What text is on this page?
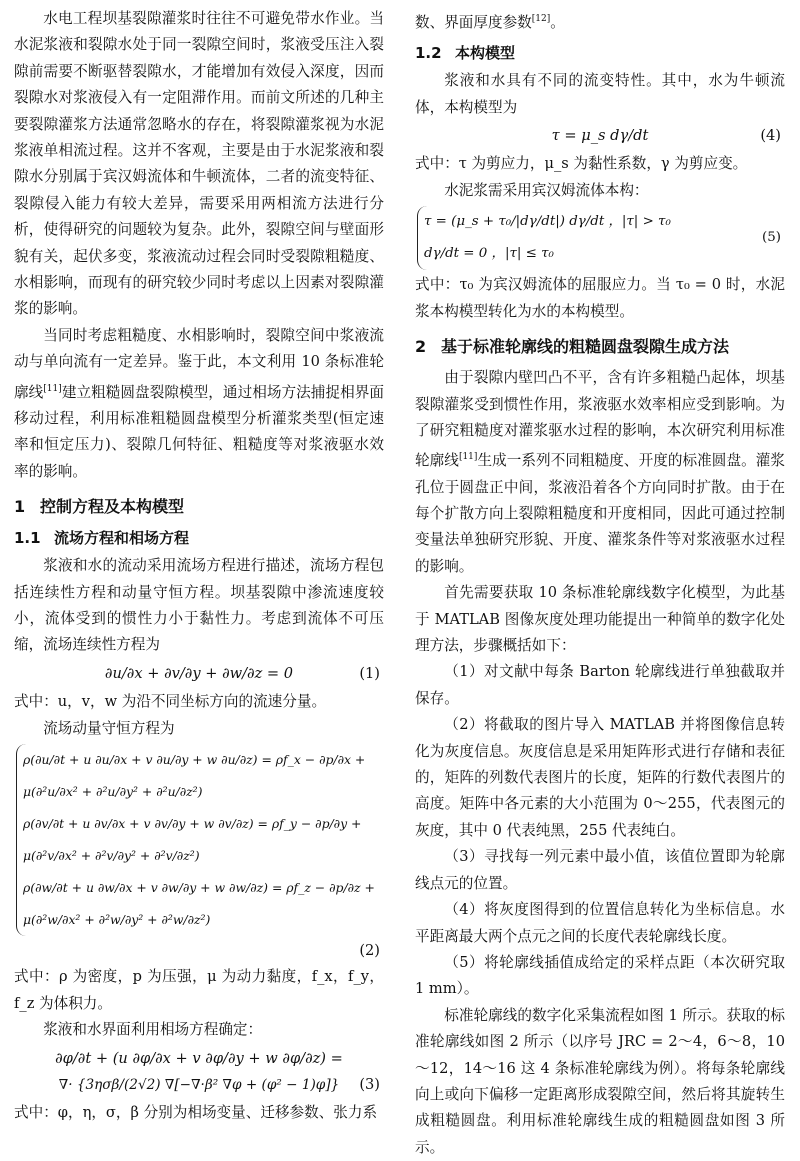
水电工程坝基裂隙灌浆时往往不可避免带水作业。当水泥浆液和裂隙水处于同一裂隙空间时，浆液受压注入裂隙前需要不断驱替裂隙水，才能增加有效侵入深度，因而裂隙水对浆液侵入有一定阻滞作用。而前文所述的几种主要裂隙灌浆方法通常忽略水的存在，将裂隙灌浆视为水泥浆液单相流过程。这并不客观，主要是由于水泥浆液和裂隙水分别属于宾汉姆流体和牛顿流体，二者的流变特征、裂隙侵入能力有较大差异，需要采用两相流方法进行分析，使得研究的问题较为复杂。此外，裂隙空间与壁面形貌有关，起伏多变，浆液流动过程会同时受裂隙粗糙度、水相影响，而现有的研究较少同时考虑以上因素对裂隙灌浆的影响。

当同时考虑粗糙度、水相影响时，裂隙空间中浆液流动与单向流有一定差异。鉴于此，本文利用 10 条标准轮廓线[11]建立粗糙圆盘裂隙模型，通过相场方法捕捉相界面移动过程，利用标准粗糙圆盘模型分析灌浆类型(恒定速率和恒定压力)、裂隙几何特征、粗糙度等对浆液驱水效率的影响。

1 控制方程及本构模型
1.1 流场方程和相场方程

浆液和水的流动采用流场方程进行描述，流场方程包括连续性方程和动量守恒方程。坝基裂隙中渗流速度较小，流体受到的惯性力小于黏性力。考虑到流体不可压缩，流场连续性方程为

∂u/∂x + ∂v/∂y + ∂w/∂z = 0	(1)

式中：u，v，w 为沿不同坐标方向的流速分量。

流场动量守恒方程为

ρ(∂u/∂t + u ∂u/∂x + v ∂u/∂y + w ∂u/∂z) = ρf_x − ∂p/∂x + μ(∂²u/∂x² + ∂²u/∂y² + ∂²u/∂z²)
ρ(∂v/∂t + u ∂v/∂x + v ∂v/∂y + w ∂v/∂z) = ρf_y − ∂p/∂y + μ(∂²v/∂x² + ∂²v/∂y² + ∂²v/∂z²)
ρ(∂w/∂t + u ∂w/∂x + v ∂w/∂y + w ∂w/∂z) = ρf_z − ∂p/∂z + μ(∂²w/∂x² + ∂²w/∂y² + ∂²w/∂z²)
(2)

式中：ρ 为密度，p 为压强，μ 为动力黏度，f_x，f_y，f_z 为体积力。

浆液和水界面利用相场方程确定：

∂φ/∂t + (u ∂φ/∂x + v ∂φ/∂y + w ∂φ/∂z) =
∇· {3ησβ/(2√2) ∇[−∇·β² ∇φ + (φ² − 1)φ]}	(3)

式中：φ，η，σ，β 分别为相场变量、迁移参数、张力系

数、界面厚度参数[12]。

1.2 本构模型

浆液和水具有不同的流变特性。其中，水为牛顿流体，本构模型为

τ = μ_s dγ/dt	(4)

式中：τ 为剪应力，μ_s 为黏性系数，γ 为剪应变。

水泥浆需采用宾汉姆流体本构：

τ = (μ_s + τ₀/|dγ/dt|) dγ/dt ，|τ| > τ₀
dγ/dt = 0 ，|τ| ≤ τ₀
(5)

式中：τ₀ 为宾汉姆流体的屈服应力。当 τ₀ = 0 时，水泥浆本构模型转化为水的本构模型。

2 基于标准轮廓线的粗糙圆盘裂隙生成方法

由于裂隙内壁凹凸不平，含有许多粗糙凸起体，坝基裂隙灌浆受到惯性作用，浆液驱水效率相应受到影响。为了研究粗糙度对灌浆驱水过程的影响，本次研究利用标准轮廓线[11]生成一系列不同粗糙度、开度的标准圆盘。灌浆孔位于圆盘正中间，浆液沿着各个方向同时扩散。由于在每个扩散方向上裂隙粗糙度和开度相同，因此可通过控制变量法单独研究形貌、开度、灌浆条件等对浆液驱水过程的影响。

首先需要获取 10 条标准轮廓线数字化模型，为此基于 MATLAB 图像灰度处理功能提出一种简单的数字化处理方法，步骤概括如下：

（1）对文献中每条 Barton 轮廓线进行单独截取并保存。

（2）将截取的图片导入 MATLAB 并将图像信息转化为灰度信息。灰度信息是采用矩阵形式进行存储和表征的，矩阵的列数代表图片的长度，矩阵的行数代表图片的高度。矩阵中各元素的大小范围为 0～255，代表图元的灰度，其中 0 代表纯黑，255 代表纯白。

（3）寻找每一列元素中最小值，该值位置即为轮廓线点元的位置。

（4）将灰度图得到的位置信息转化为坐标信息。水平距离最大两个点元之间的长度代表轮廓线长度。

（5）将轮廓线插值成给定的采样点距（本次研究取 1 mm）。

标准轮廓线的数字化采集流程如图 1 所示。获取的标准轮廓线如图 2 所示（以序号 JRC = 2～4，6～8，10～12，14～16 这 4 条标准轮廓线为例）。将每条轮廓线向上或向下偏移一定距离形成裂隙空间，然后将其旋转生成粗糙圆盘。利用标准轮廓线生成的粗糙圆盘如图 3 所示。
